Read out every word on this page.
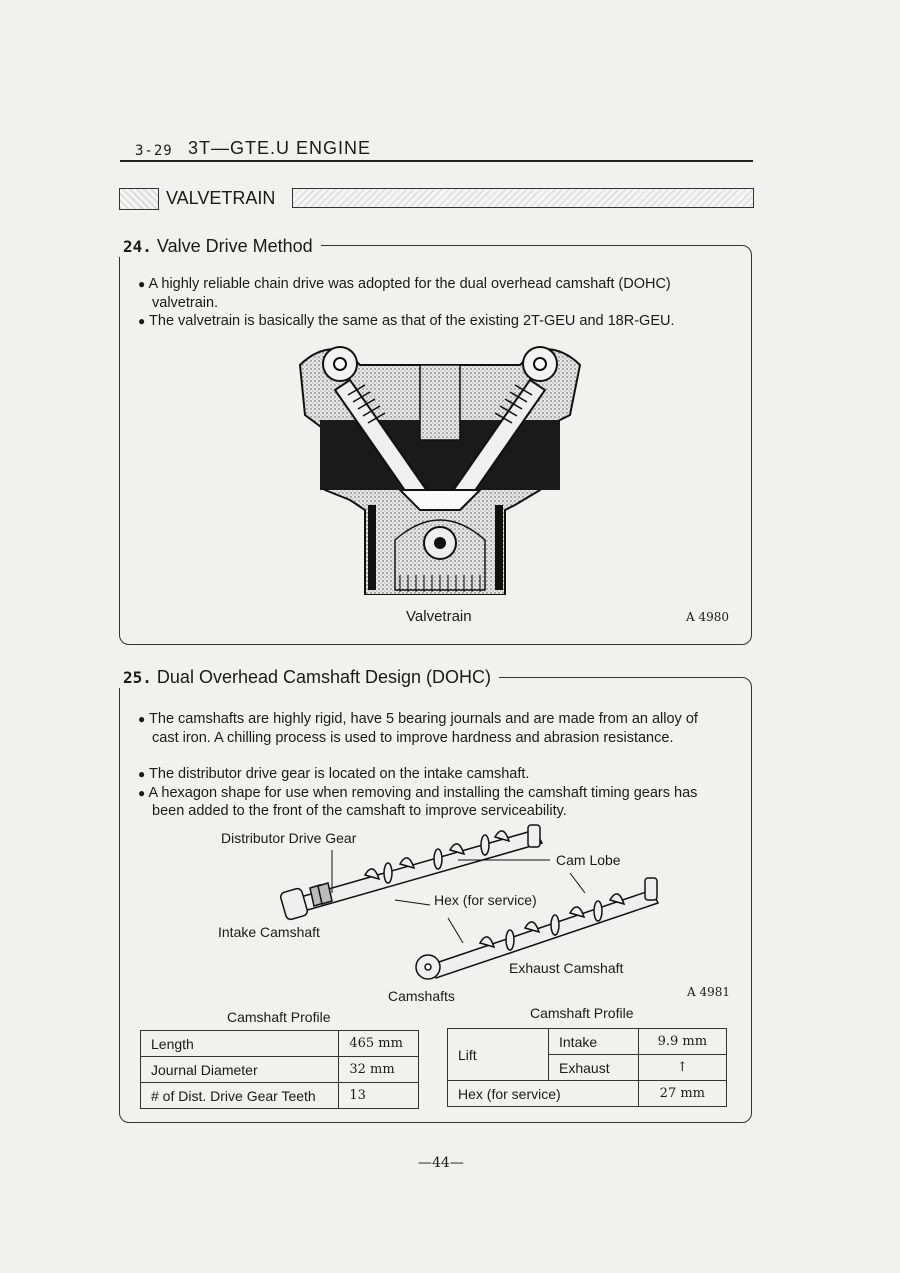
3-29 3T—GTE.U ENGINE
VALVETRAIN
24. Valve Drive Method
● A highly reliable chain drive was adopted for the dual overhead camshaft (DOHC)
valvetrain.
● The valvetrain is basically the same as that of the existing 2T-GEU and 18R-GEU.
Valvetrain	A 4980
25. Dual Overhead Camshaft Design (DOHC)
● The camshafts are highly rigid, have 5 bearing journals and are made from an alloy of
cast iron. A chilling process is used to improve hardness and abrasion resistance.
● The distributor drive gear is located on the intake camshaft.
● A hexagon shape for use when removing and installing the camshaft timing gears has
been added to the front of the camshaft to improve serviceability.
Distributor Drive Gear
Cam Lobe
Hex (for service)
Intake Camshaft
Exhaust Camshaft
Camshafts	A 4981
Camshaft Profile
Length	465 mm
Journal Diameter	32 mm
# of Dist. Drive Gear Teeth	13
Camshaft Profile
Lift	Intake	9.9 mm
	Exhaust	↑
Hex (for service)		27 mm
—44—
